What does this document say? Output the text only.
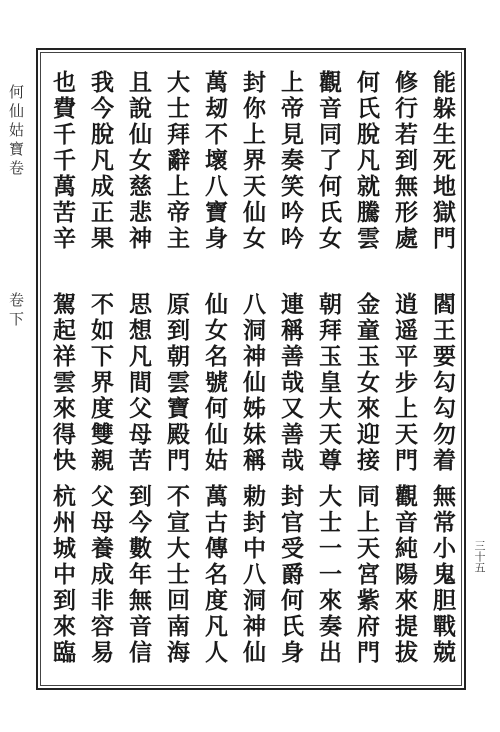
何仙姑寶卷
卷下
三十五
能躲生死地獄門
閻王要勾勾勿着
無常小鬼胆戰兢
修行若到無形處
逍遥平步上天門
觀音純陽來提拔
何氏脫凡就騰雲
金童玉女來迎接
同上天宮紫府門
觀音同了何氏女
朝拜玉皇大天尊
大士一一來奏出
上帝見奏笑吟吟
連稱善哉又善哉
封官受爵何氏身
封你上界天仙女
八洞神仙姊妹稱
勅封中八洞神仙
萬刼不壞八寶身
仙女名號何仙姑
萬古傳名度凡人
大士拜辭上帝主
原到朝雲寶殿門
不宣大士回南海
且說仙女慈悲神
思想凡間父母苦
到今數年無音信
我今脫凡成正果
不如下界度雙親
父母養成非容易
也費千千萬苦辛
駕起祥雲來得快
杭州城中到來臨
